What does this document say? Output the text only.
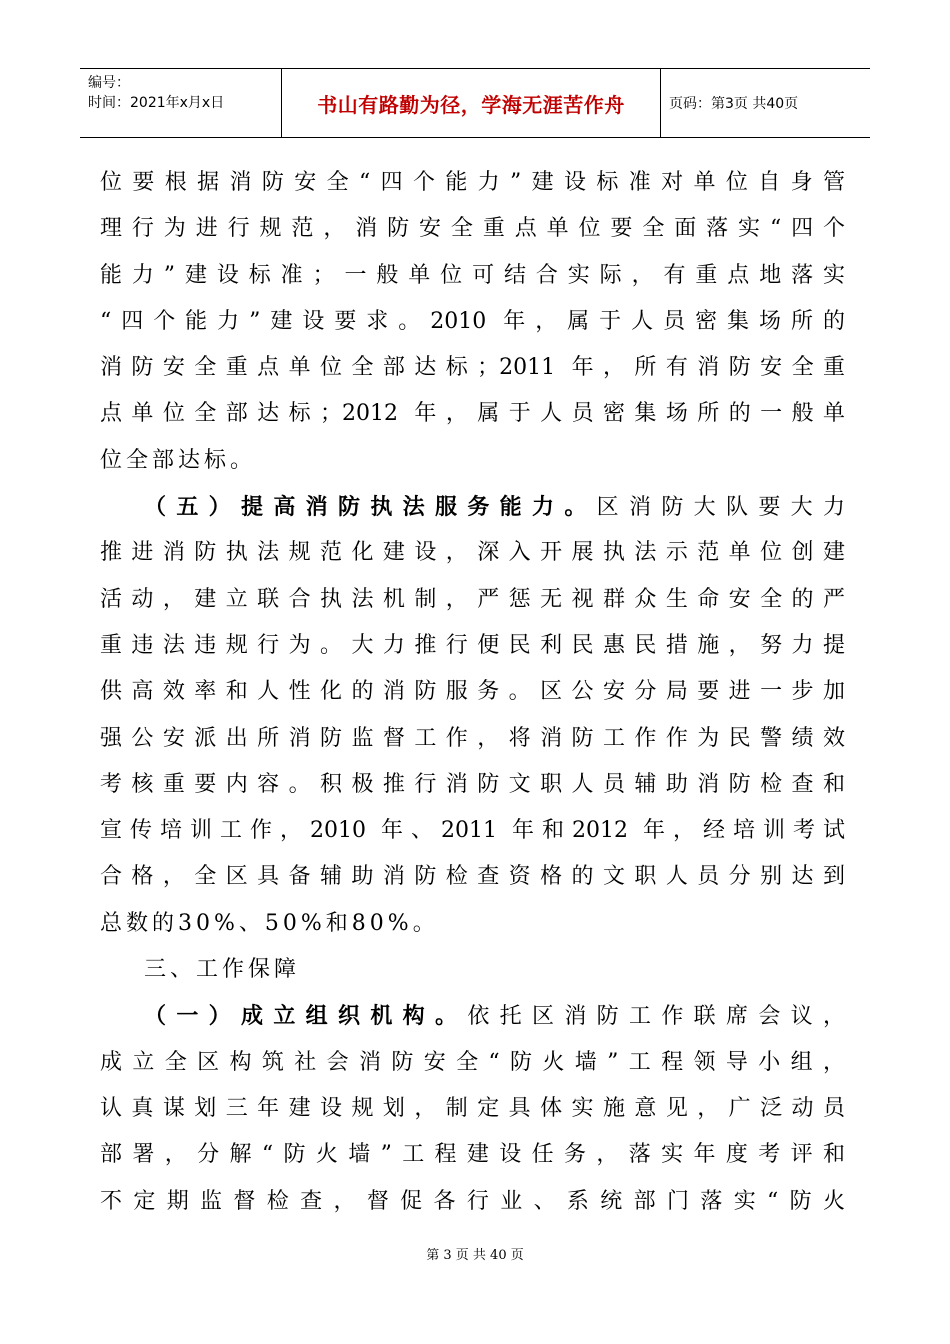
编号：
时间：2021年x月x日	书山有路勤为径，学海无涯苦作舟	页码：第3页 共40页
位要根据消防安全“四个能力”建设标准对单位自身管
理行为进行规范，消防安全重点单位要全面落实“四个
能力”建设标准；一般单位可结合实际，有重点地落实
“四个能力”建设要求。2010 年，属于人员密集场所的
消防安全重点单位全部达标；2011 年，所有消防安全重
点单位全部达标；2012 年，属于人员密集场所的一般单
位全部达标。
（五）提高消防执法服务能力。区消防大队要大力
推进消防执法规范化建设，深入开展执法示范单位创建
活动，建立联合执法机制，严惩无视群众生命安全的严
重违法违规行为。大力推行便民利民惠民措施，努力提
供高效率和人性化的消防服务。区公安分局要进一步加
强公安派出所消防监督工作，将消防工作作为民警绩效
考核重要内容。积极推行消防文职人员辅助消防检查和
宣传培训工作，2010 年、2011 年和2012 年，经培训考试
合格，全区具备辅助消防检查资格的文职人员分别达到
总数的30%、50%和80%。
三、工作保障
（一）成立组织机构。依托区消防工作联席会议，
成立全区构筑社会消防安全“防火墙”工程领导小组，
认真谋划三年建设规划，制定具体实施意见，广泛动员
部署，分解“防火墙”工程建设任务，落实年度考评和
不定期监督检查，督促各行业、系统部门落实“防火
第 3 页 共 40 页
